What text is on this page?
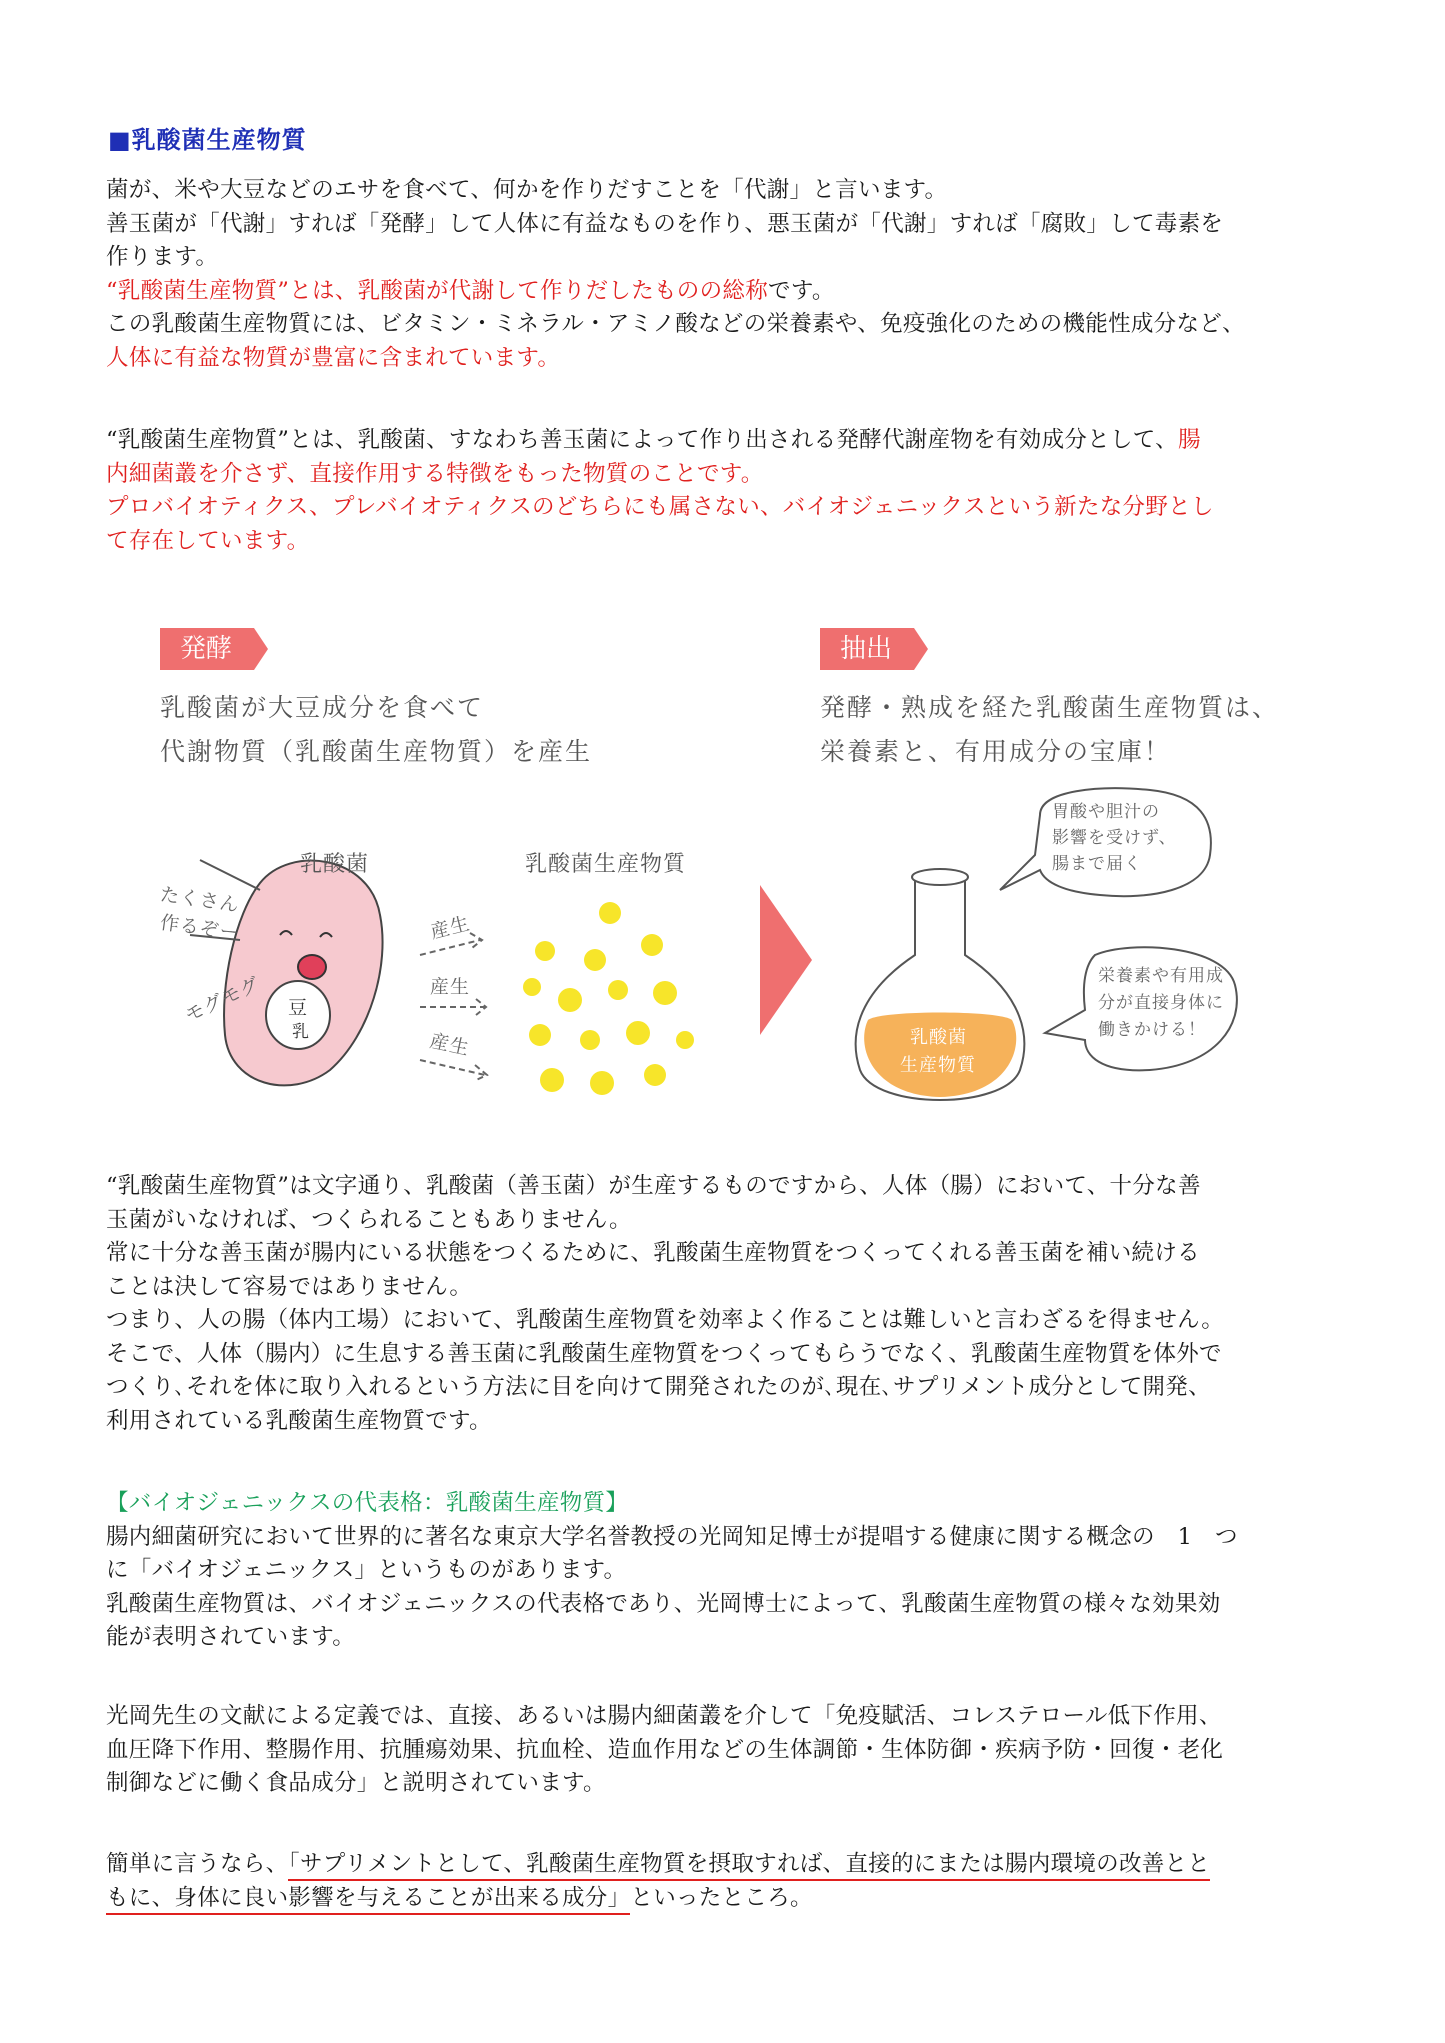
■乳酸菌生産物質

菌が、米や大豆などのエサを食べて、何かを作りだすことを「代謝」と言います。

善玉菌が「代謝」すれば「発酵」して人体に有益なものを作り、悪玉菌が「代謝」すれば「腐敗」して毒素を

作ります。

“乳酸菌生産物質”とは、乳酸菌が代謝して作りだしたものの総称です。

この乳酸菌生産物質には、ビタミン・ミネラル・アミノ酸などの栄養素や、免疫強化のための機能性成分など、

人体に有益な物質が豊富に含まれています。

“乳酸菌生産物質”とは、乳酸菌、すなわち善玉菌によって作り出される発酵代謝産物を有効成分として、腸

内細菌叢を介さず、直接作用する特徴をもった物質のことです。

プロバイオティクス、プレバイオティクスのどちらにも属さない、バイオジェニックスという新たな分野とし

て存在しています。

発酵	抽出
乳酸菌が大豆成分を食べて
代謝物質（乳酸菌生産物質）を産生
発酵・熟成を経た乳酸菌生産物質は、
栄養素と、有用成分の宝庫！
乳酸菌	乳酸菌生産物質
たくさん
作るぞー
モグモグ 豆
乳
産生
産生
産生	乳酸菌
生産物質
胃酸や胆汁の
影響を受けず、
腸まで届く
栄養素や有用成
分が直接身体に
働きかける！

“乳酸菌生産物質”は文字通り、乳酸菌（善玉菌）が生産するものですから、人体（腸）において、十分な善

玉菌がいなければ、つくられることもありません。

常に十分な善玉菌が腸内にいる状態をつくるために、乳酸菌生産物質をつくってくれる善玉菌を補い続ける

ことは決して容易ではありません。

つまり、人の腸（体内工場）において、乳酸菌生産物質を効率よく作ることは難しいと言わざるを得ません。

そこで、人体（腸内）に生息する善玉菌に乳酸菌生産物質をつくってもらうでなく、乳酸菌生産物質を体外で

つくり､それを体に取り入れるという方法に目を向けて開発されたのが､現在､サプリメント成分として開発、

利用されている乳酸菌生産物質です。

【バイオジェニックスの代表格：乳酸菌生産物質】

腸内細菌研究において世界的に著名な東京大学名誉教授の光岡知足博士が提唱する健康に関する概念の　1　つ

に「バイオジェニックス」というものがあります。

乳酸菌生産物質は、バイオジェニックスの代表格であり、光岡博士によって、乳酸菌生産物質の様々な効果効

能が表明されています。

光岡先生の文献による定義では、直接、あるいは腸内細菌叢を介して「免疫賦活、コレステロール低下作用、

血圧降下作用、整腸作用、抗腫瘍効果、抗血栓、造血作用などの生体調節・生体防御・疾病予防・回復・老化

制御などに働く食品成分」と説明されています。

簡単に言うなら、「サプリメントとして、乳酸菌生産物質を摂取すれば、直接的にまたは腸内環境の改善とと

もに、身体に良い影響を与えることが出来る成分」といったところ。
